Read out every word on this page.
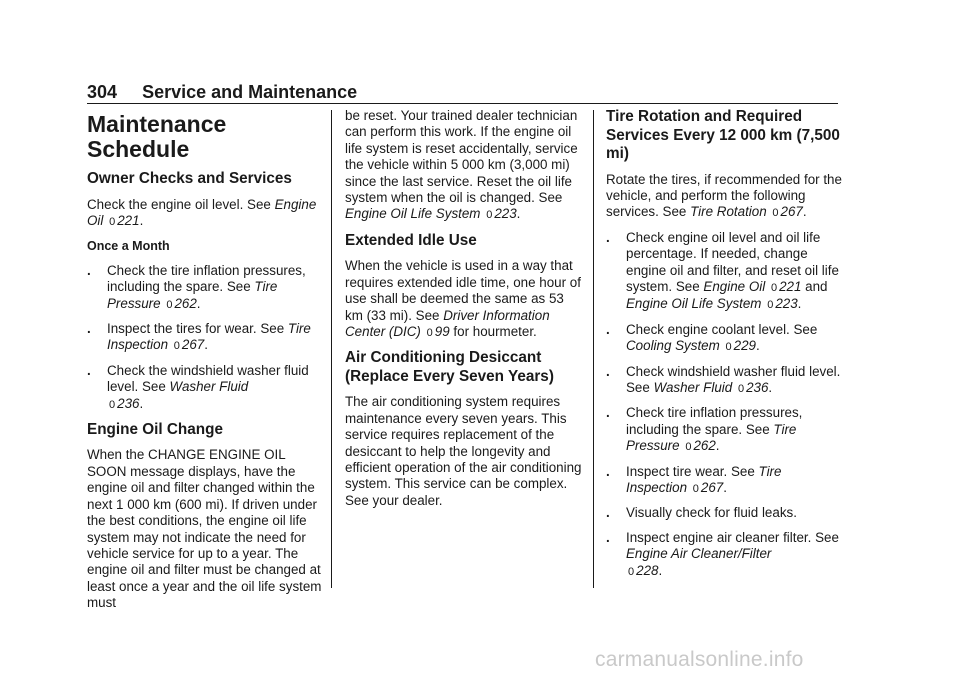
304 Service and Maintenance
Maintenance
Schedule
Owner Checks and Services

Check the engine oil level. See Engine Oil 0 221.

Once a Month
. Check the tire inflation pressures, including the spare. See Tire Pressure 0 262.
. Inspect the tires for wear. See Tire Inspection 0 267.
. Check the windshield washer fluid level. See Washer Fluid
0 236.
Engine Oil Change

When the CHANGE ENGINE OIL SOON message displays, have the engine oil and filter changed within the next 1 000 km (600 mi). If driven under the best conditions, the engine oil life system may not indicate the need for vehicle service for up to a year. The engine oil and filter must be changed at least once a year and the oil life system must

be reset. Your trained dealer technician can perform this work. If the engine oil life system is reset accidentally, service the vehicle within 5 000 km (3,000 mi) since the last service. Reset the oil life system when the oil is changed. See Engine Oil Life System 0 223.

Extended Idle Use

When the vehicle is used in a way that requires extended idle time, one hour of use shall be deemed the same as 53 km (33 mi). See Driver Information Center (DIC) 0 99 for hourmeter.

Air Conditioning Desiccant (Replace Every Seven Years)

The air conditioning system requires maintenance every seven years. This service requires replacement of the desiccant to help the longevity and efficient operation of the air conditioning system. This service can be complex. See your dealer.

Tire Rotation and Required Services Every 12 000 km (7,500 mi)

Rotate the tires, if recommended for the vehicle, and perform the following services. See Tire Rotation 0 267.

. Check engine oil level and oil life percentage. If needed, change engine oil and filter, and reset oil life system. See Engine Oil 0 221 and
Engine Oil Life System 0 223.
. Check engine coolant level. See Cooling System 0 229.
. Check windshield washer fluid level. See Washer Fluid 0 236.
. Check tire inflation pressures, including the spare. See Tire Pressure 0 262.
. Inspect tire wear. See Tire Inspection 0 267.
. Visually check for fluid leaks.
. Inspect engine air cleaner filter. See Engine Air Cleaner/Filter
0 228.
carmanualsonline.info
